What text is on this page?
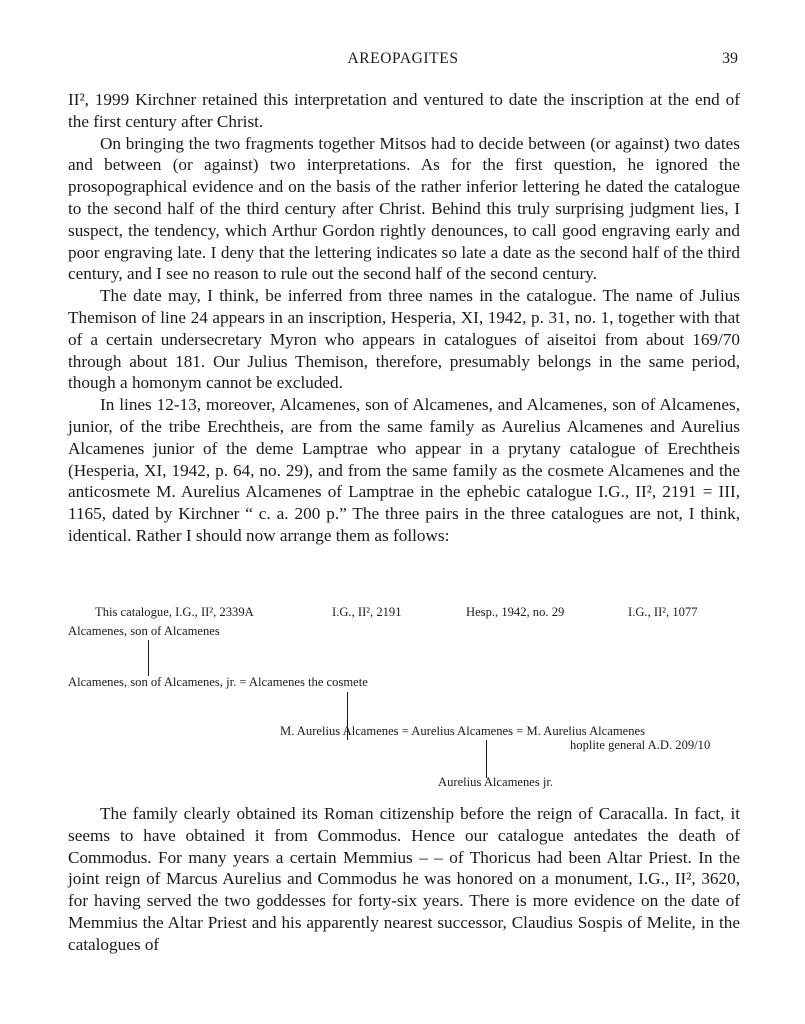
AREOPAGITES	39

II², 1999 Kirchner retained this interpretation and ventured to date the inscription at the end of the first century after Christ.

On bringing the two fragments together Mitsos had to decide between (or against) two dates and between (or against) two interpretations. As for the first question, he ignored the prosopographical evidence and on the basis of the rather inferior lettering he dated the catalogue to the second half of the third century after Christ. Behind this truly surprising judgment lies, I suspect, the tendency, which Arthur Gordon rightly denounces, to call good engraving early and poor engraving late. I deny that the lettering indicates so late a date as the second half of the third century, and I see no reason to rule out the second half of the second century.

The date may, I think, be inferred from three names in the catalogue. The name of Julius Themison of line 24 appears in an inscription, Hesperia, XI, 1942, p. 31, no. 1, together with that of a certain undersecretary Myron who appears in catalogues of aiseitoi from about 169/70 through about 181. Our Julius Themison, therefore, presumably belongs in the same period, though a homonym cannot be excluded.

In lines 12-13, moreover, Alcamenes, son of Alcamenes, and Alcamenes, son of Alcamenes, junior, of the tribe Erechtheis, are from the same family as Aurelius Alcamenes and Aurelius Alcamenes junior of the deme Lamptrae who appear in a prytany catalogue of Erechtheis (Hesperia, XI, 1942, p. 64, no. 29), and from the same family as the cosmete Alcamenes and the anticosmete M. Aurelius Alcamenes of Lamptrae in the ephebic catalogue I.G., II², 2191 = III, 1165, dated by Kirchner “ c. a. 200 p.” The three pairs in the three catalogues are not, I think, identical. Rather I should now arrange them as follows:

This catalogue, I.G., II², 2339A	I.G., II², 2191	Hesp., 1942, no. 29	I.G., II², 1077
Alcamenes, son of Alcamenes
Alcamenes, son of Alcamenes, jr. = Alcamenes the cosmete
M. Aurelius Alcamenes = Aurelius Alcamenes = M. Aurelius Alcamenes
hoplite general A.D. 209/10
Aurelius Alcamenes jr.

The family clearly obtained its Roman citizenship before the reign of Caracalla. In fact, it seems to have obtained it from Commodus. Hence our catalogue antedates the death of Commodus. For many years a certain Memmius – – of Thoricus had been Altar Priest. In the joint reign of Marcus Aurelius and Commodus he was honored on a monument, I.G., II², 3620, for having served the two goddesses for forty-six years. There is more evidence on the date of Memmius the Altar Priest and his apparently nearest successor, Claudius Sospis of Melite, in the catalogues of
